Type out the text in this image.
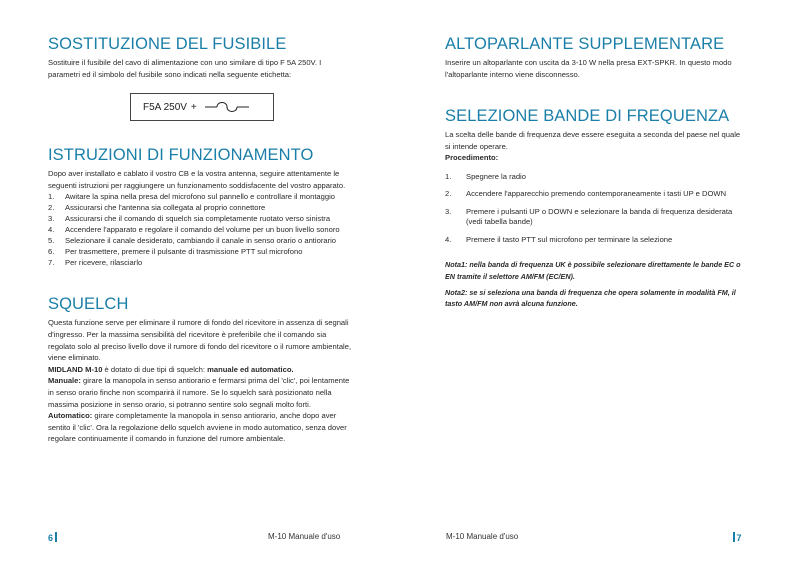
SOSTITUZIONE DEL FUSIBILE

Sostituire il fusibile del cavo di alimentazione con uno similare di tipo F 5A 250V. I parametri ed il simbolo del fusibile sono indicati nella seguente etichetta:

F5A 250V +
ISTRUZIONI DI FUNZIONAMENTO

Dopo aver installato e cablato il vostro CB e la vostra antenna, seguire attentamente le seguenti istruzioni per raggiungere un funzionamento soddisfacente del vostro apparato.

1.	Awitare la spina nella presa del microfono sul pannello e controllare il montaggio
2.	Assicurarsi che l'antenna sia collegata al proprio connettore
3.	Assicurarsi che il comando di squelch sia completamente ruotato verso sinistra
4.	Accendere l'apparato e regolare il comando del volume per un buon livello sonoro
5.	Selezionare il canale desiderato, cambiando il canale in senso orario o antiorario
6.	Per trasmettere, premere il pulsante di trasmissione PTT sul microfono
7.	Per ricevere, rilasciarlo
SQUELCH

Questa funzione serve per eliminare il rumore di fondo del ricevitore in assenza di segnali d'ingresso. Per la massima sensibilità del ricevitore è preferibile che il comando sia regolato solo al preciso livello dove il rumore di fondo del ricevitore o il rumore ambientale, viene eliminato.

MIDLAND M-10 è dotato di due tipi di squelch: manuale ed automatico.

Manuale: girare la manopola in senso antiorario e fermarsi prima del 'clic', poi lentamente in senso orario finche non scomparirà il rumore. Se lo squelch sarà posizionato nella massima posizione in senso orario, si potranno sentire solo segnali molto forti.

Automatico: girare completamente la manopola in senso antiorario, anche dopo aver sentito il 'clic'. Ora la regolazione dello squelch avviene in modo automatico, senza dover regolare continuamente il comando in funzione del rumore ambientale.

6	M-10 Manuale d'uso
ALTOPARLANTE SUPPLEMENTARE

Inserire un altoparlante con uscita da 3-10 W nella presa EXT-SPKR. In questo modo l'altoparlante interno viene disconnesso.

SELEZIONE BANDE DI FREQUENZA

La scelta delle bande di frequenza deve essere eseguita a seconda del paese nel quale si intende operare.

Procedimento:
1.	Spegnere la radio
2.	Accendere l'apparecchio premendo contemporaneamente i tasti UP e DOWN
3.	Premere i pulsanti UP o DOWN e selezionare la banda di frequenza desiderata (vedi tabella bande)
4.	Premere il tasto PTT sul microfono per terminare la selezione

Nota1: nella banda di frequenza UK è possibile selezionare direttamente le bande EC o EN tramite il selettore AM/FM (EC/EN).

Nota2: se si seleziona una banda di frequenza che opera solamente in modalità FM, il tasto AM/FM non avrà alcuna funzione.

M-10 Manuale d'uso	7
